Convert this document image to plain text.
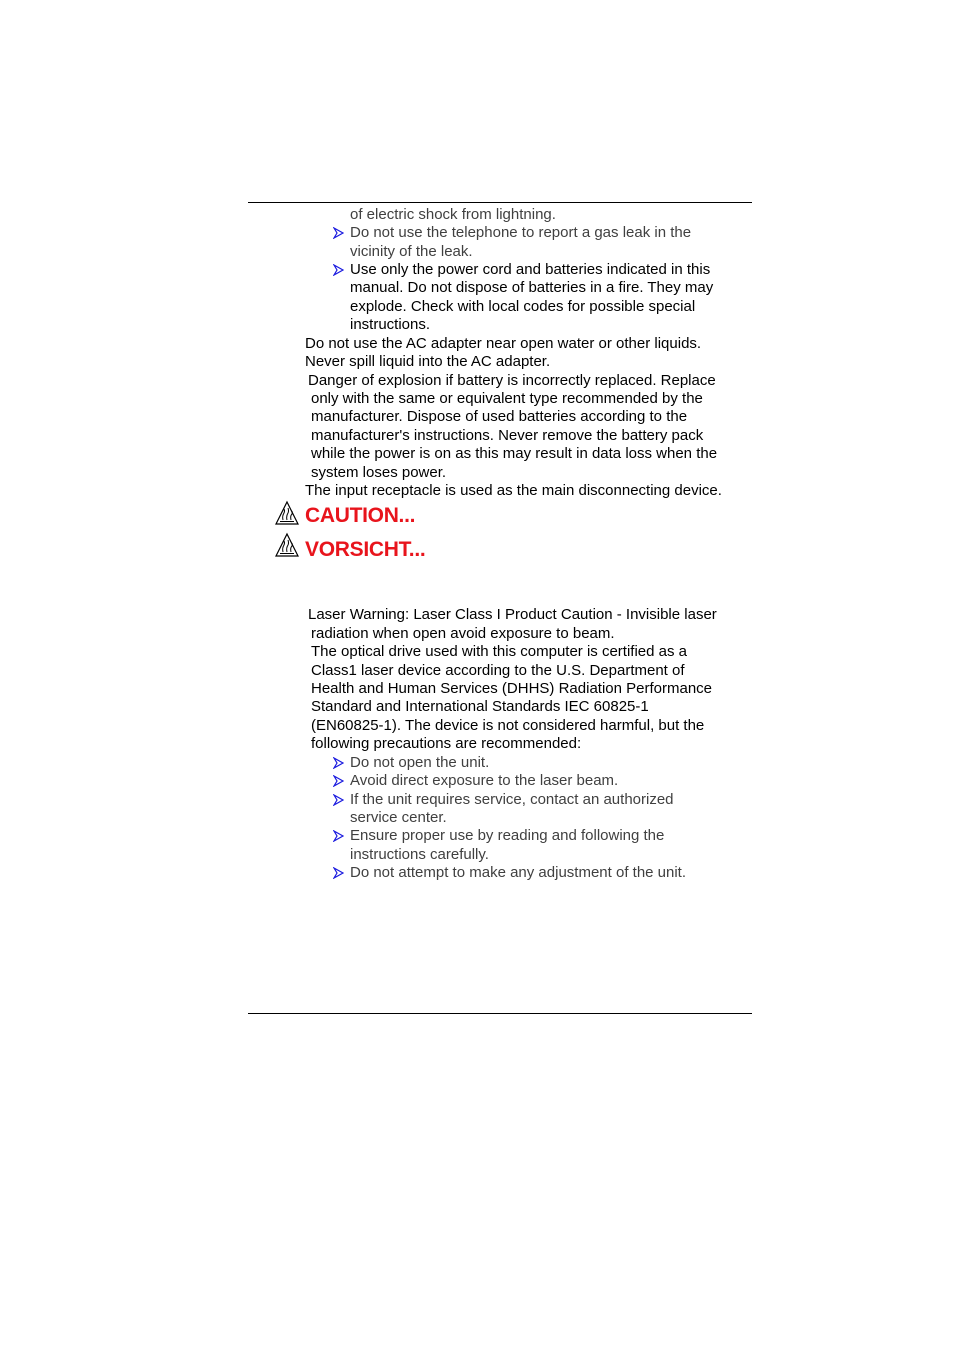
of electric shock from lightning.
Do not use the telephone to report a gas leak in the
vicinity of the leak.
Use only the power cord and batteries indicated in this
manual. Do not dispose of batteries in a fire. They may
explode. Check with local codes for possible special
instructions.
Do not use the AC adapter near open water or other liquids.
Never spill liquid into the AC adapter.
Danger of explosion if battery is incorrectly replaced. Replace
only with the same or equivalent type recommended by the
manufacturer. Dispose of used batteries according to the
manufacturer's instructions. Never remove the battery pack
while the power is on as this may result in data loss when the
system loses power.
The input receptacle is used as the main disconnecting device.
CAUTION...
VORSICHT...
Laser Warning: Laser Class I Product Caution - Invisible laser
radiation when open avoid exposure to beam.
The optical drive used with this computer is certified as a
Class1 laser device according to the U.S. Department of
Health and Human Services (DHHS) Radiation Performance
Standard and International Standards IEC 60825-1
(EN60825-1). The device is not considered harmful, but the
following precautions are recommended:
Do not open the unit.
Avoid direct exposure to the laser beam.
If the unit requires service, contact an authorized
service center.
Ensure proper use by reading and following the
instructions carefully.
Do not attempt to make any adjustment of the unit.
